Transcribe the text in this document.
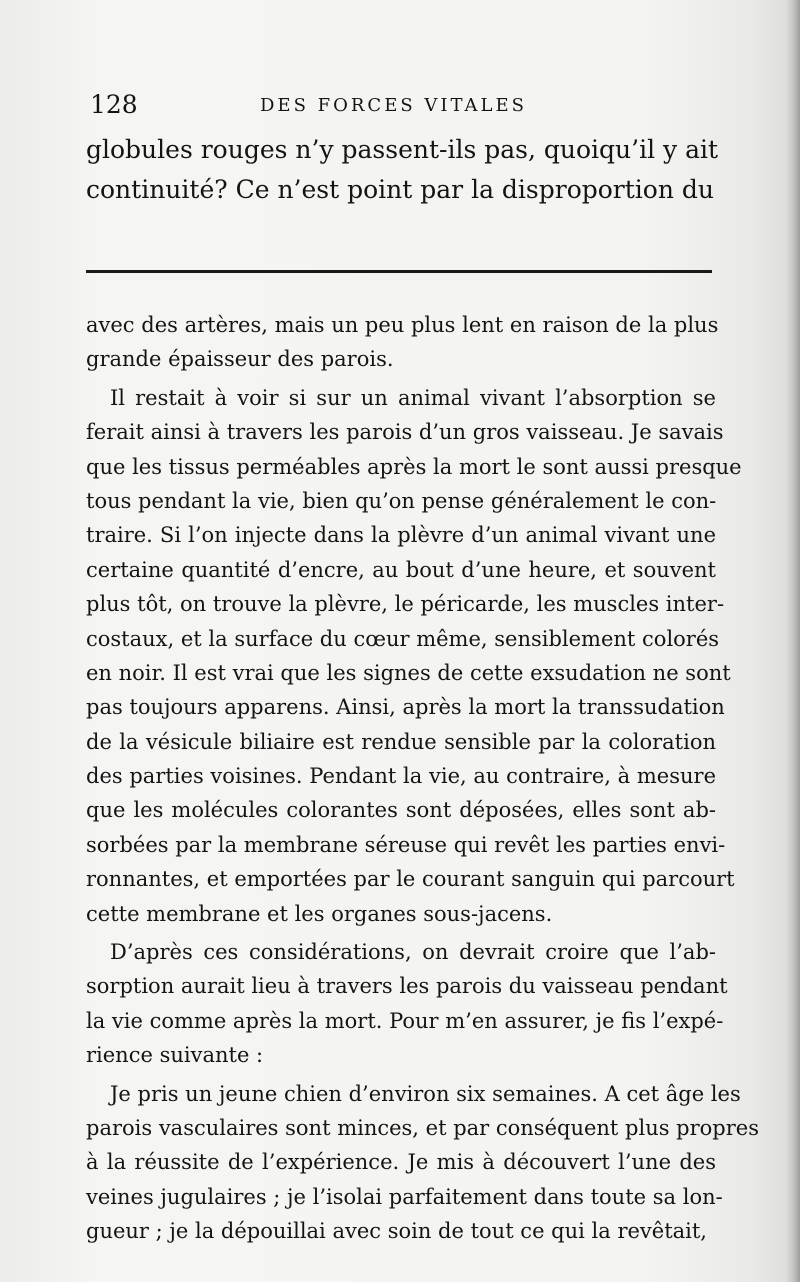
128	DES FORCES VITALES
globules rouges n’y passent-ils pas, quoiqu’il y ait
continuité? Ce n’est point par la disproportion du
avec des artères, mais un peu plus lent en raison de la plus
grande épaisseur des parois.
Il restait à voir si sur un animal vivant l’absorption se
ferait ainsi à travers les parois d’un gros vaisseau. Je savais
que les tissus perméables après la mort le sont aussi presque
tous pendant la vie, bien qu’on pense généralement le con-
traire. Si l’on injecte dans la plèvre d’un animal vivant une
certaine quantité d’encre, au bout d’une heure, et souvent
plus tôt, on trouve la plèvre, le péricarde, les muscles inter-
costaux, et la surface du cœur même, sensiblement colorés
en noir. Il est vrai que les signes de cette exsudation ne sont
pas toujours apparens. Ainsi, après la mort la transsudation
de la vésicule biliaire est rendue sensible par la coloration
des parties voisines. Pendant la vie, au contraire, à mesure
que les molécules colorantes sont déposées, elles sont ab-
sorbées par la membrane séreuse qui revêt les parties envi-
ronnantes, et emportées par le courant sanguin qui parcourt
cette membrane et les organes sous-jacens.
D’après ces considérations, on devrait croire que l’ab-
sorption aurait lieu à travers les parois du vaisseau pendant
la vie comme après la mort. Pour m’en assurer, je fis l’expé-
rience suivante :
Je pris un jeune chien d’environ six semaines. A cet âge les
parois vasculaires sont minces, et par conséquent plus propres
à la réussite de l’expérience. Je mis à découvert l’une des
veines jugulaires ; je l’isolai parfaitement dans toute sa lon-
gueur ; je la dépouillai avec soin de tout ce qui la revêtait,
